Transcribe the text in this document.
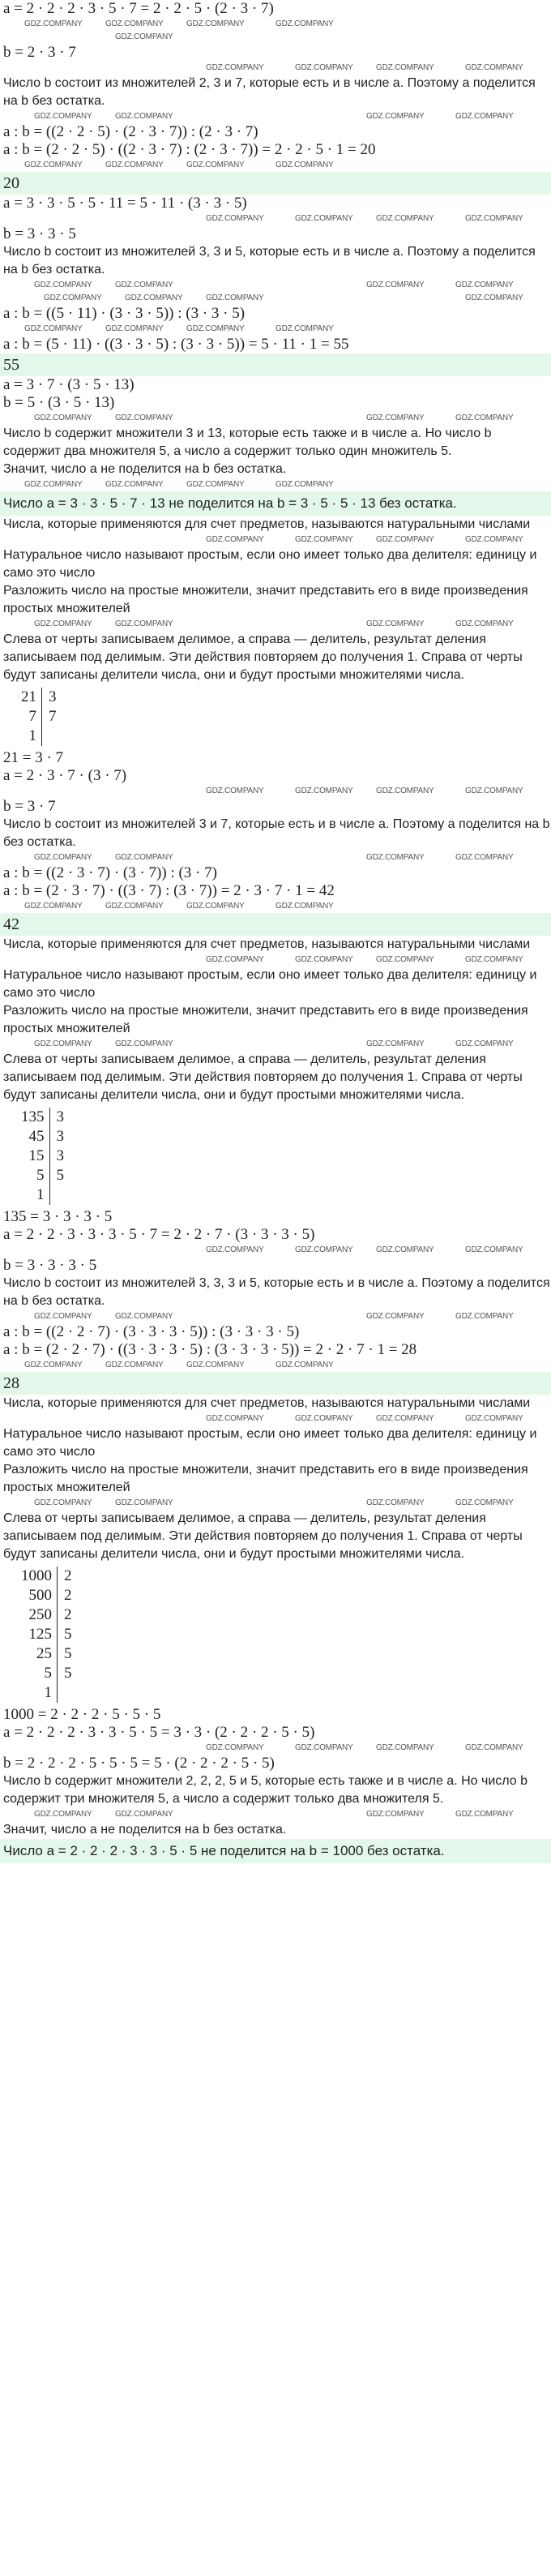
a = 2 · 2 · 2 · 3 · 5 · 7 = 2 · 2 · 5 · (2 · 3 · 7)
GDZ.COMPANY	GDZ.COMPANY	GDZ.COMPANY	GDZ.COMPANY
GDZ.COMPANY
b = 2 · 3 · 7
GDZ.COMPANY	GDZ.COMPANY	GDZ.COMPANY	GDZ.COMPANY
Число b состоит из множителей 2, 3 и 7, которые есть и в числе a. Поэтому a поделится на b без остатка.
GDZ.COMPANY	GDZ.COMPANY
GDZ.COMPANY	GDZ.COMPANY
a : b = ((2 · 2 · 5) · (2 · 3 · 7)) : (2 · 3 · 7)
a : b = (2 · 2 · 5) · ((2 · 3 · 7) : (2 · 3 · 7)) = 2 · 2 · 5 · 1 = 20
GDZ.COMPANY	GDZ.COMPANY	GDZ.COMPANY	GDZ.COMPANY
20
a = 3 · 3 · 5 · 5 · 11 = 5 · 11 · (3 · 3 · 5)
GDZ.COMPANY	GDZ.COMPANY	GDZ.COMPANY	GDZ.COMPANY
b = 3 · 3 · 5
Число b состоит из множителей 3, 3 и 5, которые есть и в числе a. Поэтому a поделится на b без остатка.
GDZ.COMPANY	GDZ.COMPANY
GDZ.COMPANY	GDZ.COMPANY
GDZ.COMPANY
GDZ.COMPANY	GDZ.COMPANY	GDZ.COMPANY
a : b = ((5 · 11) · (3 · 3 · 5)) : (3 · 3 · 5)
GDZ.COMPANY	GDZ.COMPANY	GDZ.COMPANY	GDZ.COMPANY
a : b = (5 · 11) · ((3 · 3 · 5) : (3 · 3 · 5)) = 5 · 11 · 1 = 55
55
a = 3 · 7 · (3 · 5 · 13)
b = 5 · (3 · 5 · 13)
GDZ.COMPANY	GDZ.COMPANY
GDZ.COMPANY	GDZ.COMPANY
Число b содержит множители 3 и 13, которые есть также и в числе a. Но число b содержит два множителя 5, а число a содержит только один множитель 5.
Значит, число a не поделится на b без остатка.
GDZ.COMPANY	GDZ.COMPANY	GDZ.COMPANY	GDZ.COMPANY
Число a = 3 · 3 · 5 · 7 · 13 не поделится на b = 3 · 5 · 5 · 13 без остатка.
Числа, которые применяются для счет предметов, называются натуральными числами
GDZ.COMPANY	GDZ.COMPANY	GDZ.COMPANY	GDZ.COMPANY
Натуральное число называют простым, если оно имеет только два делителя: единицу и само это число
Разложить число на простые множители, значит представить его в виде произведения простых множителей
GDZ.COMPANY	GDZ.COMPANY
GDZ.COMPANY	GDZ.COMPANY
Слева от черты записываем делимое, а справа — делитель, результат деления записываем под делимым. Эти действия повторяем до получения 1. Справа от черты будут записаны делители числа, они и будут простыми множителями числа.
21	3
7	7
1	
21 = 3 · 7
a = 2 · 3 · 7 · (3 · 7)
GDZ.COMPANY	GDZ.COMPANY	GDZ.COMPANY	GDZ.COMPANY
b = 3 · 7
Число b состоит из множителей 3 и 7, которые есть и в числе a. Поэтому a поделится на b без остатка.
GDZ.COMPANY	GDZ.COMPANY
GDZ.COMPANY	GDZ.COMPANY
a : b = ((2 · 3 · 7) · (3 · 7)) : (3 · 7)
a : b = (2 · 3 · 7) · ((3 · 7) : (3 · 7)) = 2 · 3 · 7 · 1 = 42
GDZ.COMPANY	GDZ.COMPANY	GDZ.COMPANY	GDZ.COMPANY
42
Числа, которые применяются для счет предметов, называются натуральными числами
GDZ.COMPANY	GDZ.COMPANY	GDZ.COMPANY	GDZ.COMPANY
Натуральное число называют простым, если оно имеет только два делителя: единицу и само это число
Разложить число на простые множители, значит представить его в виде произведения простых множителей
GDZ.COMPANY	GDZ.COMPANY
GDZ.COMPANY	GDZ.COMPANY
Слева от черты записываем делимое, а справа — делитель, результат деления записываем под делимым. Эти действия повторяем до получения 1. Справа от черты будут записаны делители числа, они и будут простыми множителями числа.
135	3
45	3
15	3
5	5
1	
135 = 3 · 3 · 3 · 5
a = 2 · 2 · 3 · 3 · 3 · 5 · 7 = 2 · 2 · 7 · (3 · 3 · 3 · 5)
GDZ.COMPANY	GDZ.COMPANY	GDZ.COMPANY	GDZ.COMPANY
b = 3 · 3 · 3 · 5
Число b состоит из множителей 3, 3, 3 и 5, которые есть и в числе a. Поэтому a поделится на b без остатка.
GDZ.COMPANY	GDZ.COMPANY
GDZ.COMPANY	GDZ.COMPANY
a : b = ((2 · 2 · 7) · (3 · 3 · 3 · 5)) : (3 · 3 · 3 · 5)
a : b = (2 · 2 · 7) · ((3 · 3 · 3 · 5) : (3 · 3 · 3 · 5)) = 2 · 2 · 7 · 1 = 28
GDZ.COMPANY	GDZ.COMPANY	GDZ.COMPANY	GDZ.COMPANY
28
Числа, которые применяются для счет предметов, называются натуральными числами
GDZ.COMPANY	GDZ.COMPANY	GDZ.COMPANY	GDZ.COMPANY
Натуральное число называют простым, если оно имеет только два делителя: единицу и само это число
Разложить число на простые множители, значит представить его в виде произведения простых множителей
GDZ.COMPANY	GDZ.COMPANY
GDZ.COMPANY	GDZ.COMPANY
Слева от черты записываем делимое, а справа — делитель, результат деления записываем под делимым. Эти действия повторяем до получения 1. Справа от черты будут записаны делители числа, они и будут простыми множителями числа.
1000	2
500	2
250	2
125	5
25	5
5	5
1	
1000 = 2 · 2 · 2 · 5 · 5 · 5
a = 2 · 2 · 2 · 3 · 3 · 5 · 5 = 3 · 3 · (2 · 2 · 2 · 5 · 5)
GDZ.COMPANY	GDZ.COMPANY	GDZ.COMPANY	GDZ.COMPANY
b = 2 · 2 · 2 · 5 · 5 · 5 = 5 · (2 · 2 · 2 · 5 · 5)
Число b содержит множители 2, 2, 2, 5 и 5, которые есть также и в числе a. Но число b содержит три множителя 5, а число a содержит только два множителя 5.
GDZ.COMPANY	GDZ.COMPANY
GDZ.COMPANY	GDZ.COMPANY
Значит, число a не поделится на b без остатка.
Число a = 2 · 2 · 2 · 3 · 3 · 5 · 5 не поделится на b = 1000 без остатка.
